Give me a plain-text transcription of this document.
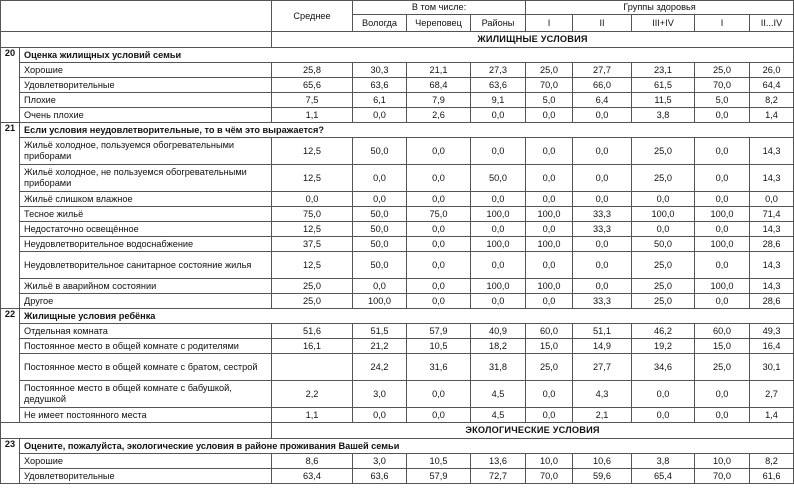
		Среднее	В том числе:			Группы здоровья				
			Вологда	Череповец	Районы	I	II	III+IV	I	II...IV
		ЖИЛИЩНЫЕ УСЛОВИЯ								
20	Оценка жилищных условий семьи									
	Хорошие	25,8	30,3	21,1	27,3	25,0	27,7	23,1	25,0	26,0
	Удовлетворительные	65,6	63,6	68,4	63,6	70,0	66,0	61,5	70,0	64,4
	Плохие	7,5	6,1	7,9	9,1	5,0	6,4	11,5	5,0	8,2
	Очень плохие	1,1	0,0	2,6	0,0	0,0	0,0	3,8	0,0	1,4
21	Если условия неудовлетворительные, то в чём это выражается?									
	Жильё холодное, пользуемся обогревательными приборами	12,5	50,0	0,0	0,0	0,0	0,0	25,0	0,0	14,3
	Жильё холодное, не пользуемся обогревательными приборами	12,5	0,0	0,0	50,0	0,0	0,0	25,0	0,0	14,3
	Жильё слишком влажное	0,0	0,0	0,0	0,0	0,0	0,0	0,0	0,0	0,0
	Тесное жильё	75,0	50,0	75,0	100,0	100,0	33,3	100,0	100,0	71,4
	Недостаточно освещённое	12,5	50,0	0,0	0,0	0,0	33,3	0,0	0,0	14,3
	Неудовлетворительное водоснабжение	37,5	50,0	0,0	100,0	100,0	0,0	50,0	100,0	28,6
	Неудовлетворительное санитарное состояние жилья	12,5	50,0	0,0	0,0	0,0	0,0	25,0	0,0	14,3
	Жильё в аварийном состоянии	25,0	0,0	0,0	100,0	100,0	0,0	25,0	100,0	14,3
	Другое	25,0	100,0	0,0	0,0	0,0	33,3	25,0	0,0	28,6
22	Жилищные условия ребёнка									
	Отдельная комната	51,6	51,5	57,9	40,9	60,0	51,1	46,2	60,0	49,3
	Постоянное место в общей комнате с родителями	16,1	21,2	10,5	18,2	15,0	14,9	19,2	15,0	16,4
	Постоянное место в общей комнате с братом, сестрой		24,2	31,6	31,8	25,0	27,7	34,6	25,0	30,1
	Постоянное место в общей комнате с бабушкой, дедушкой	2,2	3,0	0,0	4,5	0,0	4,3	0,0	0,0	2,7
	Не имеет постоянного места	1,1	0,0	0,0	4,5	0,0	2,1	0,0	0,0	1,4
		ЭКОЛОГИЧЕСКИЕ УСЛОВИЯ								
23	Оцените, пожалуйста, экологические условия в районе проживания Вашей семьи									
	Хорошие	8,6	3,0	10,5	13,6	10,0	10,6	3,8	10,0	8,2
	Удовлетворительные	63,4	63,6	57,9	72,7	70,0	59,6	65,4	70,0	61,6
